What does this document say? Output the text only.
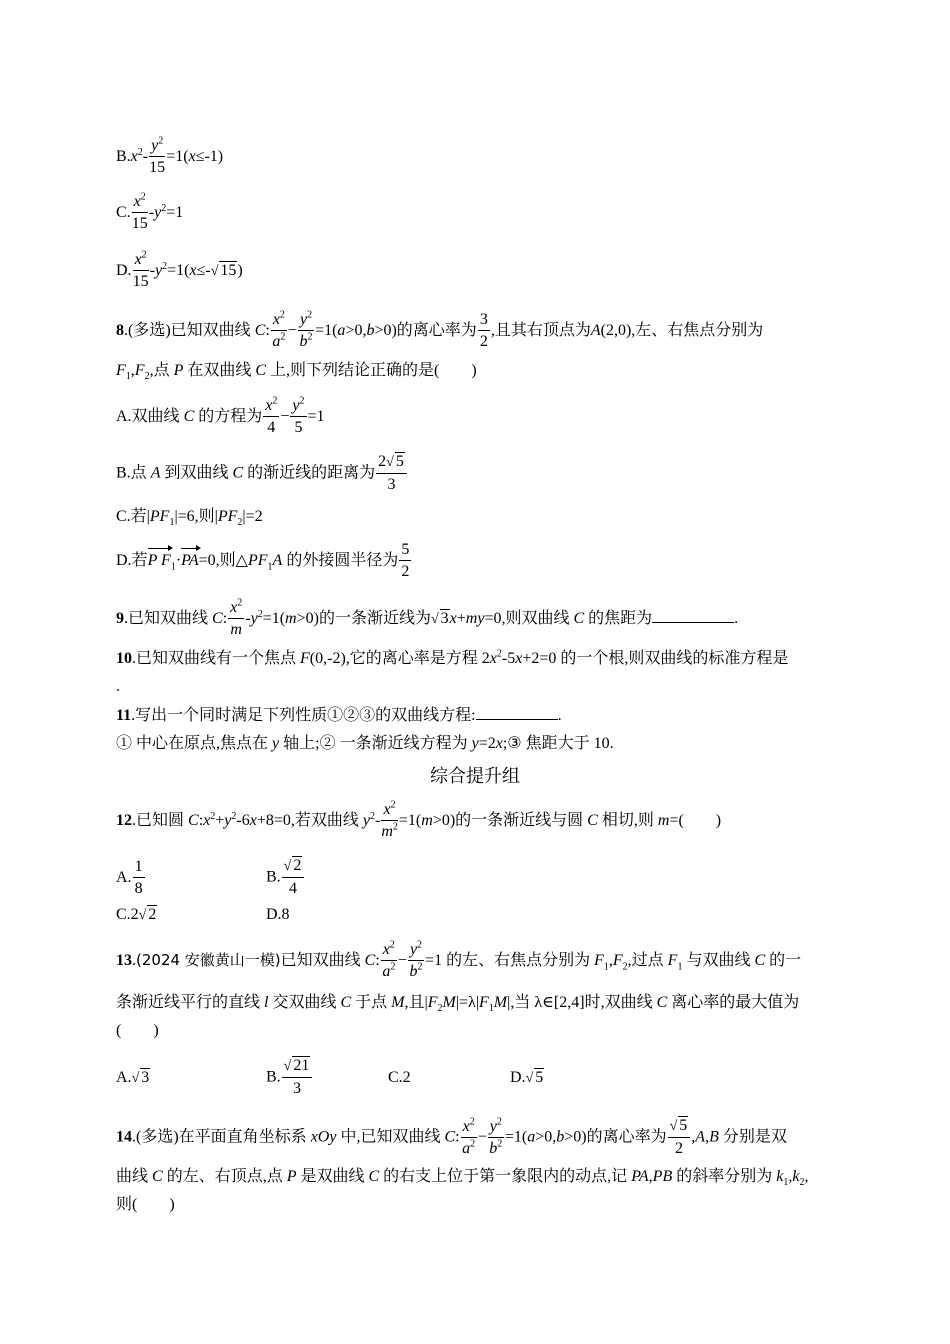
$B.x^2- \frac{y^2}{15} =1(x\le-1)$
C. $\frac{x^2}{15} -y^2=1$
D. $\frac{x^2}{15} -y^2=1(x\le-√$ 15)
8.(多选)已知双曲线 C: $\frac{x^2}{a^2} - \frac{y^2}{b^2} =1(a>0,b>0)$的离心率为 $\frac{3}{2}$ ,且其右顶点为A(2,0),左、右焦点分别为
$F_1,F_2$,点 P 在双曲线 C 上,则下列结论正确的是(　　)
A.双曲线 C 的方程为 $\frac{x^2}{4} - \frac{y^2}{5} =1$
B.点 A 到双曲线 C 的渐近线的距离为 $\frac{2√ 5}{3}$
C.若$|PF_1|=6$,则$|PF_2|=2$
D.若P $F_1\cdot PA=0$,则$\triangle PF_1A$ 的外接圆半径为 $\frac{5}{2}$
9.已知双曲线 C: $\frac{x^2}{m} -y^2=1(m>0)$的一条渐近线为√ 3x+my=0,则双曲线 C 的焦距为	.
10.已知双曲线有一个焦点 F(0,-2),它的离心率是方程 $2x^2-5x+2=0$ 的一个根,则双曲线的标准方程是
.
11.写出一个同时满足下列性质①②③的双曲线方程:	.
① 中心在原点,焦点在 y 轴上;② 一条渐近线方程为 y=2x;③ 焦距大于 10.
综合提升组
12.已知圆 $C:x^2+y^2-6x+8=0$,若双曲线 $y^2- \frac{x^2}{m^2} =1(m>0)$的一条渐近线与圆 C 相切,则 m=(　　)
A. $\frac{1}{8}$	B. $\frac{√ 2}{4}$
C.2√ 2	D.8
13.(2024 安徽黄山一模)已知双曲线 C: $\frac{x^2}{a^2} - \frac{y^2}{b^2} =1$ 的左、右焦点分别为 $F_1,F_2$,过点 $F_1$ 与双曲线 C 的一
条渐近线平行的直线 l 交双曲线 C 于点 M,且$|F_2M|=\lambda|F_1M|$,当 λ∈[2,4]时,双曲线 C 离心率的最大值为
(　　)
A.√ 3	B. $\frac{√ 21}{3}$	C.2	D.√ 5
14.(多选)在平面直角坐标系 xOy 中,已知双曲线 C: $\frac{x^2}{a^2} - \frac{y^2}{b^2} =1(a>0,b>0)$的离心率为 $\frac{√ 5}{2} ,A,B$ 分别是双
曲线 C 的左、右顶点,点 P 是双曲线 C 的右支上位于第一象限内的动点,记 PA,PB 的斜率分别为 $k_1,k_2$,
则(　　)
